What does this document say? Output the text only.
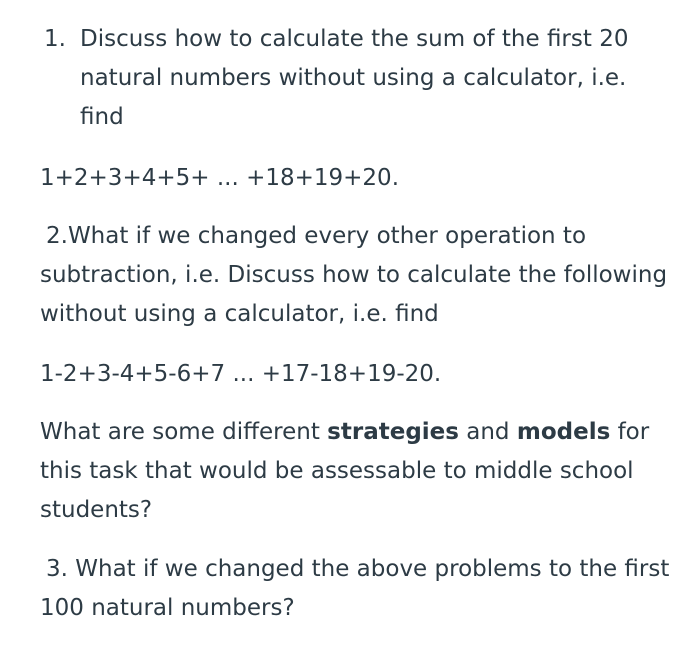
1. Discuss how to calculate the sum of the first 20 natural numbers without using a calculator, i.e. find

1+2+3+4+5+ ... +18+19+20.

2.What if we changed every other operation to subtraction, i.e. Discuss how to calculate the following without using a calculator, i.e. find

1-2+3-4+5-6+7 ... +17-18+19-20.

What are some different strategies and models for this task that would be assessable to middle school students?

3. What if we changed the above problems to the first 100 natural numbers?
